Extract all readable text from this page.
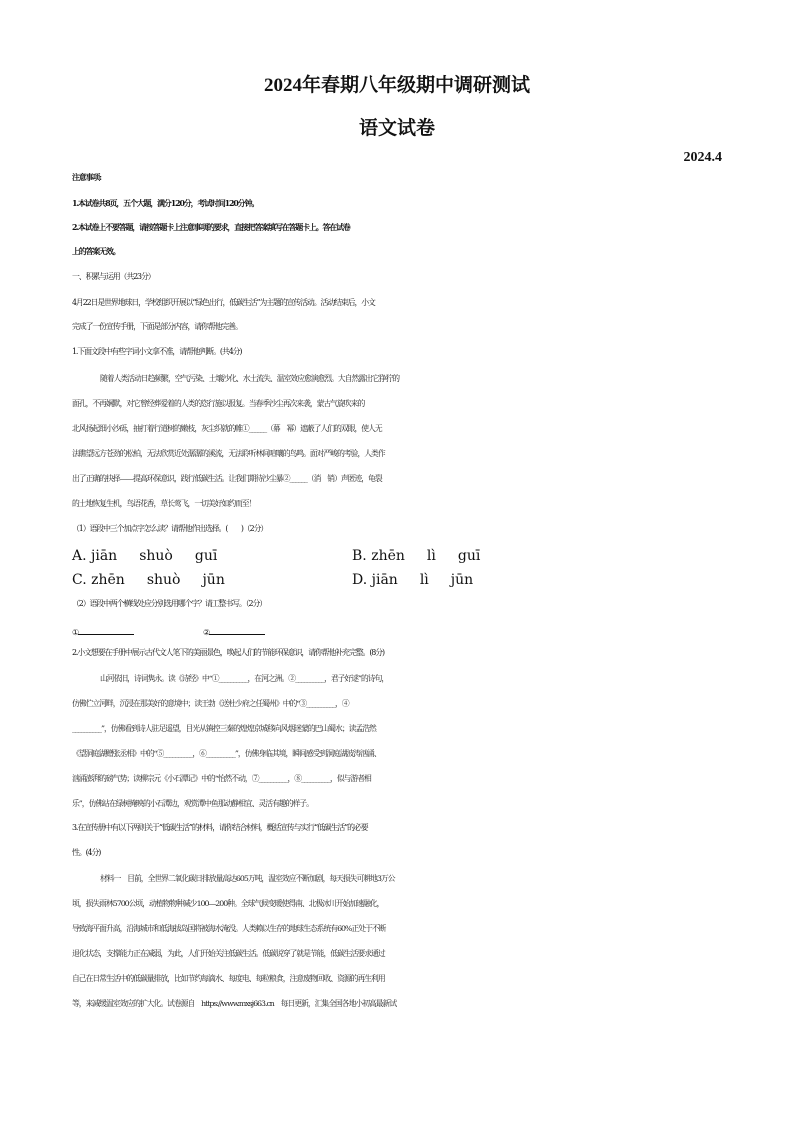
2024年春期八年级期中调研测试
语文试卷
2024.4
注意事项:
1.本试卷共8页，五个大题，满分120分，考试时间120分钟。
2.本试卷上不要答题，请按答题卡上注意事项的要求，直接把答案填写在答题卡上。答在试卷
上的答案无效。
一、积累与运用（共23分）
4月22日是世界地球日，学校组织开展以“绿色出行，低碳生活”为主题的宣传活动。活动结束后，小文
完成了一份宣传手册，下面是部分内容，请你帮他完善。
1.下面文段中有些字词小文拿不准，请帮他判断。(共4分)
随着人类活动日趋频繁，空气污染、土壤沙化、水土流失、温室效应愈演愈烈。大自然露出它狰狞的
面孔，不再娴默，对它曾经葬爱着的人类的恣行施以报复。当春季沙尘再次来袭，蒙古气旋吹来的
北风扬起细小沙砾，抽打着行道树的嫩枝，灰尘织就的帷①______（幕　幂）遮蔽了人们的双眼，使人无
法瞧望远方苍劲的松柏，无法欣赏近处潺潺的溪流，无法聆听林间喧嚷的鸟鸣。面对严峻的考验，人类作
出了正确的抉择——提高环保意识，践行低碳生活。让我们期待沙尘暴②______（消　销）声匿迹，龟裂
的土地恢复生机，鸟语花香，草长莺飞，一切美好如约而至！
（1）语段中三个加点字怎么读？请帮他作出选择。(　　)（2分）
A. jiān shuò guī	B. zhēn lì guī
C. zhēn shuò jūn	D. jiān lì jūn
（2）语段中两个横线处应分别选用哪个字？请工整书写。（2分）
①	②
2.小文想要在手册中展示古代文人笔下的美丽景色，唤起人们的节能环保意识，请你帮他补充完整。(8分)
山河依旧，诗词隽永。读《诗经》中“①__________，在河之洲。②__________，君子好逑”的诗句，
仿佛伫立河畔，沉浸在那美好的意境中；读王勃《送杜少府之任蜀州》中的“③__________，④
__________”，仿佛看到诗人驻足遥望，目光从镇控三秦的煌煌京城移向风烟迷蒙的巴山蜀水；读孟浩然
《望洞庭湖赠张丞相》中的“⑤__________，⑥__________”，仿佛身临其境，瞬间感受到洞庭湖波涛汹涌、
汹涌澎湃的磅气势；读柳宗元《小石潭记》中的“怡然不动，⑦__________，⑧__________，似与游者相
乐”，仿佛站在绿树掩映的小石潭边，观赏潭中鱼那动静相宜、灵活有趣的样子。
3.在宣传册中有以下两则关于“低碳生活”的材料，请你结合材料，概括宣传与实行“低碳生活”的必要
性。(4分)
材料一　目前，全世界二氧化碳日排放量高达605万吨，温室效应不断加剧，每天损失可耕地3万公
顷，损失雨林5700公顷，动植物物种减少100—200种。全球气候变暖使得南、北极冰川开始加速融化，
导致海平面升高，沿海城市和低海拔岛国将被海水淹没。人类赖以生存的地球生态系统有60%正处于不断
退化状态，支撑能力正在减弱，为此，人们开始关注低碳生活。低碳说穿了就是节能，低碳生活要求通过
自己在日常生活中的低碳量排放，比如节约每滴水、每度电、每粒粮食，注意废物回收、资源的再生利用
等，来减缓温室效应的扩大化。试卷源自　https://www.mxsj663.cn　每日更新，汇集全国各地小初高最新试
